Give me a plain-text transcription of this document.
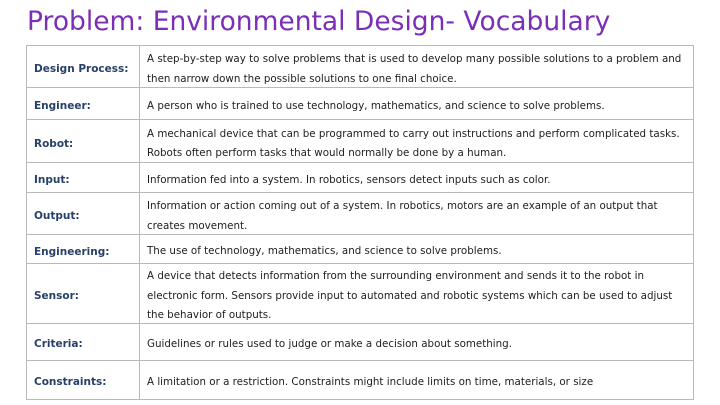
Problem: Environmental Design- Vocabulary
Design Process:	A step-by-step way to solve problems that is used to develop many possible solutions to a problem and then narrow down the possible solutions to one final choice.
Engineer:	A person who is trained to use technology, mathematics, and science to solve problems.
Robot:	A mechanical device that can be programmed to carry out instructions and perform complicated tasks. Robots often perform tasks that would normally be done by a human.
Input:	Information fed into a system. In robotics, sensors detect inputs such as color.
Output:	Information or action coming out of a system. In robotics, motors are an example of an output that creates movement.
Engineering:	The use of technology, mathematics, and science to solve problems.
Sensor:	A device that detects information from the surrounding environment and sends it to the robot in electronic form. Sensors provide input to automated and robotic systems which can be used to adjust the behavior of outputs.
Criteria:	Guidelines or rules used to judge or make a decision about something.
Constraints:	A limitation or a restriction. Constraints might include limits on time, materials, or size
